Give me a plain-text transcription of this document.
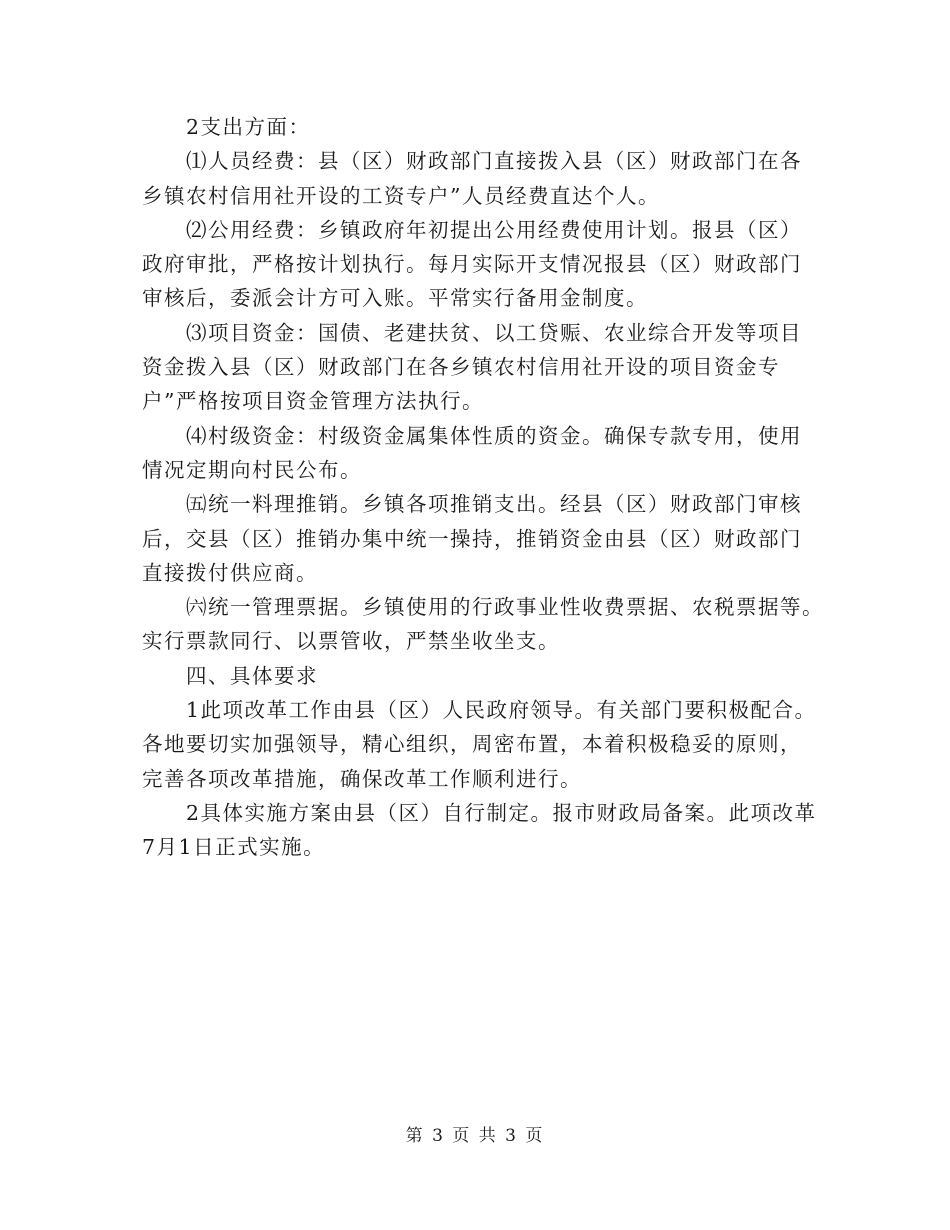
　　2支出方面：

　　⑴人员经费：县（区）财政部门直接拨入县（区）财政部门在各

乡镇农村信用社开设的工资专户”人员经费直达个人。

　　⑵公用经费：乡镇政府年初提出公用经费使用计划。报县（区）

政府审批，严格按计划执行。每月实际开支情况报县（区）财政部门

审核后，委派会计方可入账。平常实行备用金制度。

　　⑶项目资金：国债、老建扶贫、以工贷赈、农业综合开发等项目

资金拨入县（区）财政部门在各乡镇农村信用社开设的项目资金专

户”严格按项目资金管理方法执行。

　　⑷村级资金：村级资金属集体性质的资金。确保专款专用，使用

情况定期向村民公布。

　　㈤统一料理推销。乡镇各项推销支出。经县（区）财政部门审核

后，交县（区）推销办集中统一操持，推销资金由县（区）财政部门

直接拨付供应商。

　　㈥统一管理票据。乡镇使用的行政事业性收费票据、农税票据等。

实行票款同行、以票管收，严禁坐收坐支。

　　四、具体要求

　　1此项改革工作由县（区）人民政府领导。有关部门要积极配合。

各地要切实加强领导，精心组织，周密布置，本着积极稳妥的原则，

完善各项改革措施，确保改革工作顺利进行。

　　2具体实施方案由县（区）自行制定。报市财政局备案。此项改革

7月1日正式实施。

第 3 页 共 3 页
